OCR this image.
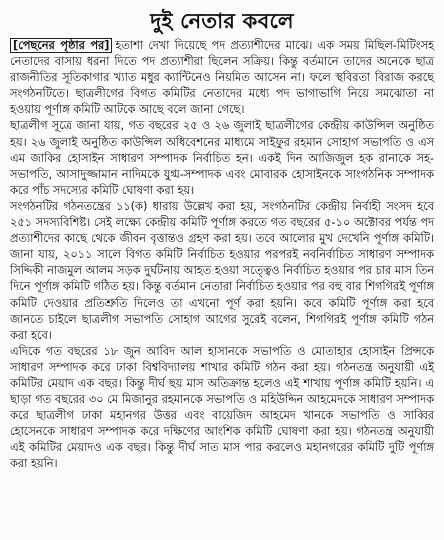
দুই নেতার কবলে

[পেছনের পৃষ্ঠার পর] হতাশা দেখা দিয়েছে পদ প্রত্যাশীদের মাঝে। এক সময় মিছিল-মিটিংসহ নেতাদের বাসায় ধরনা দিতে পদ প্রত্যাশীরা ছিলেন সক্রিয়। কিন্তু বর্তমানে তাদের অনেকে ছাত্র রাজনীতির সূতিকাগার খ্যাত মধুর ক্যান্টিনেও নিয়মিত আসেন না। ফলে স্থবিরতা বিরাজ করছে সংগঠনটিতে। ছাত্রলীগের বিগত কমিটির নেতাদের মধ্যে পদ ভাগাভাগি নিয়ে সমঝোতা না হওয়ায় পূর্ণাঙ্গ কমিটি আটকে আছে বলে জানা গেছে।

ছাত্রলীগ সূত্রে জানা যায়, গত বছরের ২৫ ও ২৬ জুলাই ছাত্রলীগের কেন্দ্রীয় কাউন্সিল অনুষ্ঠিত হয়। ২৬ জুলাই অনুষ্ঠিত কাউন্সিল অধিবেশনের মাধ্যমে সাইফুর রহমান সোহাগ সভাপতি ও এস এম জাকির হোসাইন সাধারণ সম্পাদক নির্বাচিত হন। একই দিন আজিজুল হক রানাকে সহ-সভাপতি, আসাদুজ্জামান নাদিমকে যুগ্ম-সম্পাদক এবং মোবারক হোসাইনকে সাংগঠনিক সম্পাদক করে পাঁচ সদস্যের কমিটি ঘোষণা করা হয়।

সংগঠনটির গঠনতন্ত্রের ১১(ক) ধারায় উল্লেখ করা হয়, সংগঠনটির কেন্দ্রীয় নির্বাহী সংসদ হবে ২৫১ সদস্যবিশিষ্ট। সেই লক্ষ্যে কেন্দ্রীয় কমিটি পূর্ণাঙ্গ করতে গত বছরের ৫-১০ অক্টোবর পর্যন্ত পদ প্রত্যাশীদের কাছে থেকে জীবন বৃত্তান্তও গ্রহণ করা হয়। তবে আলোর মুখ দেখেনি পূর্ণাঙ্গ কমিটি। জানা যায়, ২০১১ সালে বিগত কমিটি নির্বাচিত হওয়ার পরপরই নবনির্বাচিত সাধারণ সম্পাদক সিদ্দিকী নাজমুল আলম সড়ক দুর্ঘটনায় আহত হওয়া সত্ত্বেও নির্বাচিত হওয়ার পর চার মাস তিন দিনে পূর্ণাঙ্গ কমিটি গঠিত হয়। কিন্তু বর্তমান নেতারা নির্বাচিত হওয়ার পর বহু বার শিগগিরই পূর্ণাঙ্গ কমিটি দেওয়ার প্রতিশ্রুতি দিলেও তা এখনো পূর্ণ করা হয়নি। কবে কমিটি পূর্ণাঙ্গ করা হবে জানতে চাইলে ছাত্রলীগ সভাপতি সোহাগ আগের সুরেই বলেন, শিগগিরই পূর্ণাঙ্গ কমিটি গঠন করা হবে।

এদিকে গত বছরের ১৮ জুন আবিদ আল হাসানকে সভাপতি ও মোতাহার হোসাইন প্রিন্সকে সাধারণ সম্পাদক করে ঢাকা বিশ্ববিদ্যালয় শাখার কমিটি গঠন করা হয়। গঠনতন্ত্র অনুযায়ী এই কমিটির মেয়াদ এক বছর। কিন্তু দীর্ঘ ছয় মাস অতিক্রান্ত হলেও এই শাখায় পূর্ণাঙ্গ কমিটি হয়নি। এ ছাড়া গত বছরের ৩০ মে মিজানুর রহমানকে সভাপতি ও মহিউদ্দিন আহমেদকে সাধারণ সম্পাদক করে ছাত্রলীগ ঢাকা মহানগর উত্তর এবং বায়েজিদ আহমেদ খানকে সভাপতি ও সাব্বির হোসেনকে সাধারণ সম্পাদক করে দক্ষিণের আংশিক কমিটি ঘোষণা করা হয়। গঠনতন্ত্র অনুযায়ী এই কমিটির মেয়াদও এক বছর। কিন্তু দীর্ঘ সাত মাস পার করলেও মহানগরের কমিটি দুটি পূর্ণাঙ্গ করা হয়নি।
